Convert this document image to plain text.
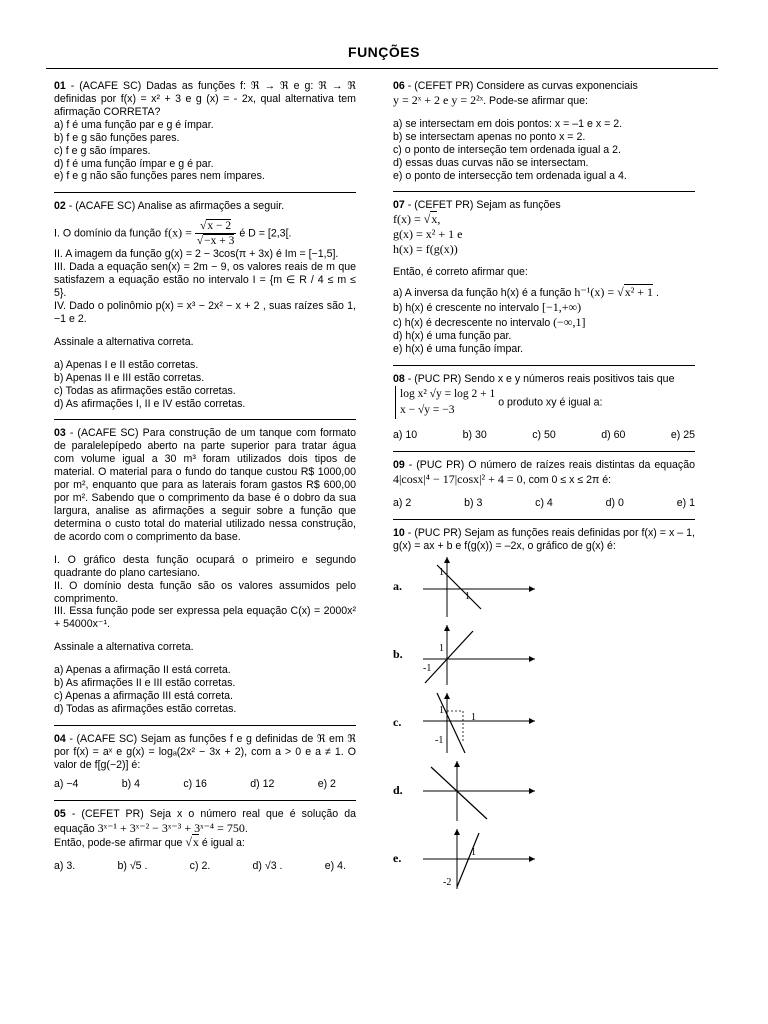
FUNÇÕES

01 - (ACAFE SC) Dadas as funções f: ℜ → ℜ e g: ℜ → ℜ definidas por f(x) = x² + 3 e g (x) = - 2x, qual alternativa tem afirmação CORRETA?

a) f é uma função par e g é ímpar.

b) f e g são funções pares.

c) f e g são ímpares.

d) f é uma função ímpar e g é par.

e) f e g não são funções pares nem ímpares.

02 - (ACAFE SC) Analise as afirmações a seguir.

I. O domínio da função $f(x) = \frac{√x - 2}{√-x + 3}$ é D = [2,3[.

II. A imagem da função g(x) = 2 − 3cos(π + 3x) é Im = [−1,5].

III. Dada a equação sen(x) = 2m − 9, os valores reais de m que satisfazem a equação estão no intervalo I = {m ∈ R / 4 ≤ m ≤ 5}.

IV. Dado o polinômio p(x) = x³ − 2x² − x + 2 , suas raízes são 1, −1 e 2.

Assinale a alternativa correta.

a) Apenas I e II estão corretas.

b) Apenas II e III estão corretas.

c) Todas as afirmações estão corretas.

d) As afirmações I, II e IV estão corretas.

03 - (ACAFE SC) Para construção de um tanque com formato de paralelepípedo aberto na parte superior para tratar água com volume igual a 30 m³ foram utilizados dois tipos de material. O material para o fundo do tanque custou R$ 1000,00 por m², enquanto que para as laterais foram gastos R$ 600,00 por m². Sabendo que o comprimento da base é o dobro da sua largura, analise as afirmações a seguir sobre a função que determina o custo total do material utilizado nessa construção, de acordo com o comprimento da base.

I. O gráfico desta função ocupará o primeiro e segundo quadrante do plano cartesiano.

II. O domínio desta função são os valores assumidos pelo comprimento.

III. Essa função pode ser expressa pela equação C(x) = 2000x² + 54000x⁻¹.

Assinale a alternativa correta.

a) Apenas a afirmação II está correta.

b) As afirmações II e III estão corretas.

c) Apenas a afirmação III está correta.

d) Todas as afirmações estão corretas.

04 - (ACAFE SC) Sejam as funções f e g definidas de ℜ em ℜ por f(x) = aˣ e g(x) = logₐ(2x² − 3x + 2), com a > 0 e a ≠ 1. O valor de f[g(−2)] é:

a) −4	b) 4	c) 16	d) 12	e) 2

05 - (CEFET PR) Seja x o número real que é solução da equação 3ˣ⁻¹ + 3ˣ⁻² − 3ˣ⁻³ + 3ˣ⁻⁴ = 750.

Então, pode-se afirmar que √x é igual a:

a) 3.	b) √5 .	c) 2.	d) √3 .	e) 4.

06 - (CEFET PR) Considere as curvas exponenciais

y = 2ˣ + 2 e y = 2²ˣ. Pode-se afirmar que:

a) se intersectam em dois pontos: x = –1 e x = 2.

b) se intersectam apenas no ponto x = 2.

c) o ponto de interseção tem ordenada igual a 2.

d) essas duas curvas não se intersectam.

e) o ponto de intersecção tem ordenada igual a 4.

07 - (CEFET PR) Sejam as funções

f(x) = √x,

g(x) = x² + 1 e

h(x) = f(g(x))

Então, é correto afirmar que:

a) A inversa da função h(x) é a função h⁻¹(x) = √x² + 1 .

b) h(x) é crescente no intervalo [−1,+∞)

c) h(x) é decrescente no intervalo (−∞,1]

d) h(x) é uma função par.

e) h(x) é uma função ímpar.

08 - (PUC PR) Sendo x e y números reais positivos tais que

log x² √y = log 2 + 1
x − √y = −3 o produto xy é igual a:

a) 10	b) 30	c) 50	d) 60	e) 25

09 - (PUC PR) O número de raízes reais distintas da equação 4|cosx|⁴ − 17|cosx|² + 4 = 0, com 0 ≤ x ≤ 2π é:

a) 2	b) 3	c) 4	d) 0	e) 1

10 - (PUC PR) Sejam as funções reais definidas por f(x) = x – 1, g(x) = ax + b e f(g(x)) = –2x, o gráfico de g(x) é:

a.
1
1
b.	1
-1
c.
1
1
-1
d.
e.	1
-2
